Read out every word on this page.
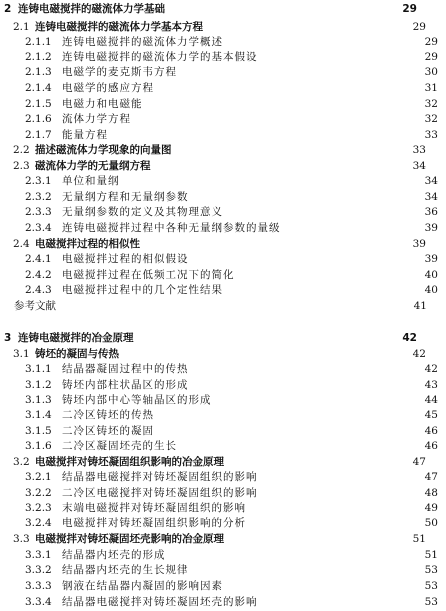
2 连铸电磁搅拌的磁流体力学基础	29
2.1 连铸电磁搅拌的磁流体力学基本方程	29
2.1.1 连铸电磁搅拌的磁流体力学概述	29
2.1.2 连铸电磁搅拌的磁流体力学的基本假设	29
2.1.3 电磁学的麦克斯韦方程	30
2.1.4 电磁学的感应方程	31
2.1.5 电磁力和电磁能	32
2.1.6 流体力学方程	32
2.1.7 能量方程	33
2.2 描述磁流体力学现象的向量图	33
2.3 磁流体力学的无量纲方程	34
2.3.1 单位和量纲	34
2.3.2 无量纲方程和无量纲参数	34
2.3.3 无量纲参数的定义及其物理意义	36
2.3.4 连铸电磁搅拌过程中各种无量纲参数的量级	39
2.4 电磁搅拌过程的相似性	39
2.4.1 电磁搅拌过程的相似假设	39
2.4.2 电磁搅拌过程在低频工况下的简化	40
2.4.3 电磁搅拌过程中的几个定性结果	40
参考文献	41
3 连铸电磁搅拌的冶金原理	42
3.1 铸坯的凝固与传热	42
3.1.1 结晶器凝固过程中的传热	42
3.1.2 铸坯内部柱状晶区的形成	43
3.1.3 铸坯内部中心等轴晶区的形成	44
3.1.4 二冷区铸坯的传热	45
3.1.5 二冷区铸坯的凝固	46
3.1.6 二冷区凝固坯壳的生长	46
3.2 电磁搅拌对铸坯凝固组织影响的冶金原理	47
3.2.1 结晶器电磁搅拌对铸坯凝固组织的影响	47
3.2.2 二冷区电磁搅拌对铸坯凝固组织的影响	48
3.2.3 末端电磁搅拌对铸坯凝固组织的影响	49
3.2.4 电磁搅拌对铸坯凝固组织影响的分析	50
3.3 电磁搅拌对铸坯凝固坯壳影响的冶金原理	51
3.3.1 结晶器内坯壳的形成	51
3.3.2 结晶器内坯壳的生长规律	53
3.3.3 钢液在结晶器内凝固的影响因素	53
3.3.4 结晶器电磁搅拌对铸坯凝固坯壳的影响	53
